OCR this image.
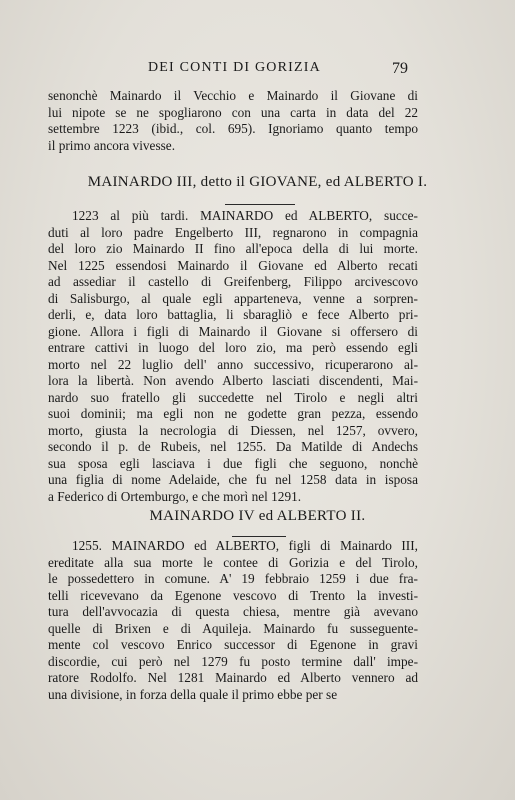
DEI CONTI DI GORIZIA	79
senonchè Mainardo il Vecchio e Mainardo il Giovane di
lui nipote se ne spogliarono con una carta in data del 22
settembre 1223 (ibid., col. 695). Ignoriamo quanto tempo
il primo ancora vivesse.
MAINARDO III, detto il GIOVANE, ed ALBERTO I.
1223 al più tardi. MAINARDO ed ALBERTO, succe-
duti al loro padre Engelberto III, regnarono in compagnia
del loro zio Mainardo II fino all'epoca della di lui morte.
Nel 1225 essendosi Mainardo il Giovane ed Alberto recati
ad assediar il castello di Greifenberg, Filippo arcivescovo
di Salisburgo, al quale egli apparteneva, venne a sorpren-
derli, e, data loro battaglia, li sbaragliò e fece Alberto pri-
gione. Allora i figli di Mainardo il Giovane si offersero di
entrare cattivi in luogo del loro zio, ma però essendo egli
morto nel 22 luglio dell' anno successivo, ricuperarono al-
lora la libertà. Non avendo Alberto lasciati discendenti, Mai-
nardo suo fratello gli succedette nel Tirolo e negli altri
suoi dominii; ma egli non ne godette gran pezza, essendo
morto, giusta la necrologia di Diessen, nel 1257, ovvero,
secondo il p. de Rubeis, nel 1255. Da Matilde di Andechs
sua sposa egli lasciava i due figli che seguono, nonchè
una figlia di nome Adelaide, che fu nel 1258 data in isposa
a Federico di Ortemburgo, e che morì nel 1291.
MAINARDO IV ed ALBERTO II.
1255. MAINARDO ed ALBERTO, figli di Mainardo III,
ereditate alla sua morte le contee di Gorizia e del Tirolo,
le possedettero in comune. A' 19 febbraio 1259 i due fra-
telli ricevevano da Egenone vescovo di Trento la investi-
tura dell'avvocazia di questa chiesa, mentre già avevano
quelle di Brixen e di Aquileja. Mainardo fu susseguente-
mente col vescovo Enrico successor di Egenone in gravi
discordie, cui però nel 1279 fu posto termine dall' impe-
ratore Rodolfo. Nel 1281 Mainardo ed Alberto vennero ad
una divisione, in forza della quale il primo ebbe per se
